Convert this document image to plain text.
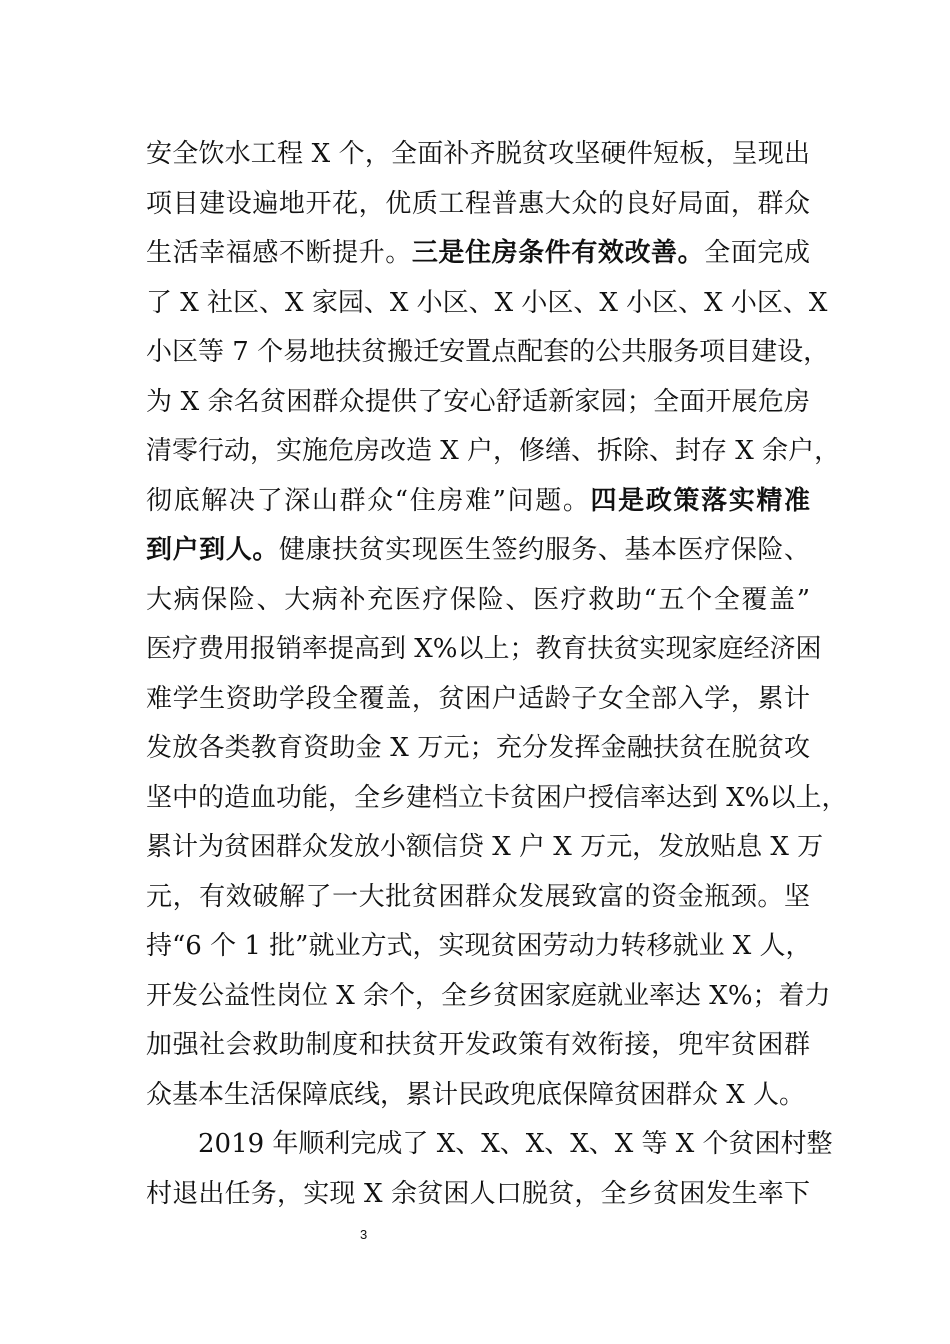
安全饮水工程 X 个，全面补齐脱贫攻坚硬件短板，呈现出
项目建设遍地开花，优质工程普惠大众的良好局面，群众
生活幸福感不断提升。三是住房条件有效改善。全面完成
了 X 社区、X 家园、X 小区、X 小区、X 小区、X 小区、X
小区等 7 个易地扶贫搬迁安置点配套的公共服务项目建设，
为 X 余名贫困群众提供了安心舒适新家园；全面开展危房
清零行动，实施危房改造 X 户，修缮、拆除、封存 X 余户，
彻底解决了深山群众“住房难”问题。四是政策落实精准
到户到人。健康扶贫实现医生签约服务、基本医疗保险、
大病保险、大病补充医疗保险、医疗救助“五个全覆盖”
医疗费用报销率提高到 X%以上；教育扶贫实现家庭经济困
难学生资助学段全覆盖，贫困户适龄子女全部入学，累计
发放各类教育资助金 X 万元；充分发挥金融扶贫在脱贫攻
坚中的造血功能，全乡建档立卡贫困户授信率达到 X%以上，
累计为贫困群众发放小额信贷 X 户 X 万元，发放贴息 X 万
元，有效破解了一大批贫困群众发展致富的资金瓶颈。坚
持“6 个 1 批”就业方式，实现贫困劳动力转移就业 X 人，
开发公益性岗位 X 余个，全乡贫困家庭就业率达 X%；着力
加强社会救助制度和扶贫开发政策有效衔接，兜牢贫困群
众基本生活保障底线，累计民政兜底保障贫困群众 X 人。
2019 年顺利完成了 X、X、X、X、X 等 X 个贫困村整
村退出任务，实现 X 余贫困人口脱贫，全乡贫困发生率下
3
